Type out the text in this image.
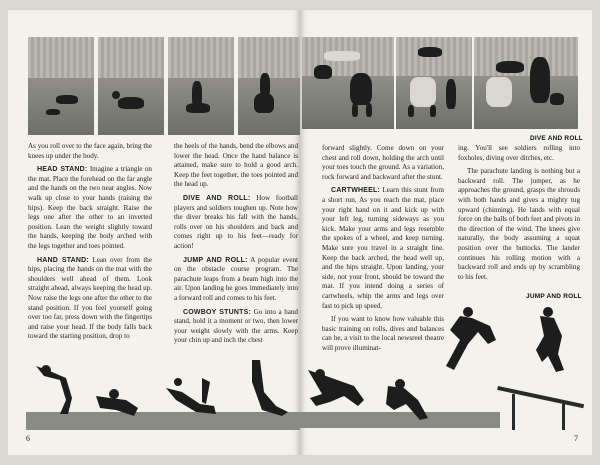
As you roll over to the face again, bring the knees up under the body.

HEAD STAND: Imagine a triangle on the mat. Place the forehead on the far angle and the hands on the two near angles. Now walk up close to your hands (raising the hips). Keep the back straight. Raise the legs one after the other to an inverted position. Lean the weight slightly toward the hands, keeping the body arched with the legs together and toes pointed.

HAND STAND: Lean over from the hips, placing the hands on the mat with the shoulders well ahead of them. Look straight ahead, always keeping the head up. Now raise the legs one after the other to the stand position. If you feel yourself going over too far, press down with the fingertips and raise your head. If the body falls back toward the starting position, drop to

the heels of the hands, bend the elbows and lower the head. Once the hand balance is attained, make sure to hold a good arch. Keep the feet together, the toes pointed and the head up.

DIVE AND ROLL: How football players and soldiers toughen up. Note how the diver breaks his fall with the hands, rolls over on his shoulders and back and comes right up to his feet—ready for action!

JUMP AND ROLL: A popular event on the obstacle course program. The parachute leaps from a beam high into the air. Upon landing he goes immediately into a forward roll and comes to his feet.

COWBOY STUNTS: Go into a hand stand, hold it a moment or two, then lower your weight slowly with the arms. Keep your chin up and inch the chest

6
DIVE AND ROLL

forward slightly. Come down on your chest and roll down, holding the arch until your toes touch the ground. As a variation, rock forward and backward after the stunt.

CARTWHEEL: Learn this stunt from a short run. As you reach the mat, place your right hand on it and kick up with your left leg, turning sideways as you kick. Make your arms and legs resemble the spokes of a wheel, and keep turning. Make sure you travel in a straight line. Keep the back arched, the head well up, and the hips straight. Upon landing, your side, not your front, should be toward the mat. If you intend doing a series of cartwheels, whip the arms and legs over fast to pick up speed.

If you want to know how valuable this basic training on rolls, dives and balances can be, a visit to the local newsreel theatre will prove illuminat-

ing. You'll see soldiers rolling into foxholes, diving over ditches, etc.

The parachute landing is nothing but a backward roll. The jumper, as he approaches the ground, grasps the shrouds with both hands and gives a mighty tug upward (chinning). He lands with equal force on the balls of both feet and pivots in the direction of the wind. The knees give naturally, the body assuming a squat position over the buttocks. The lander continues his rolling motion with a backward roll and ends up by scrambling to his feet.

JUMP AND ROLL
7
